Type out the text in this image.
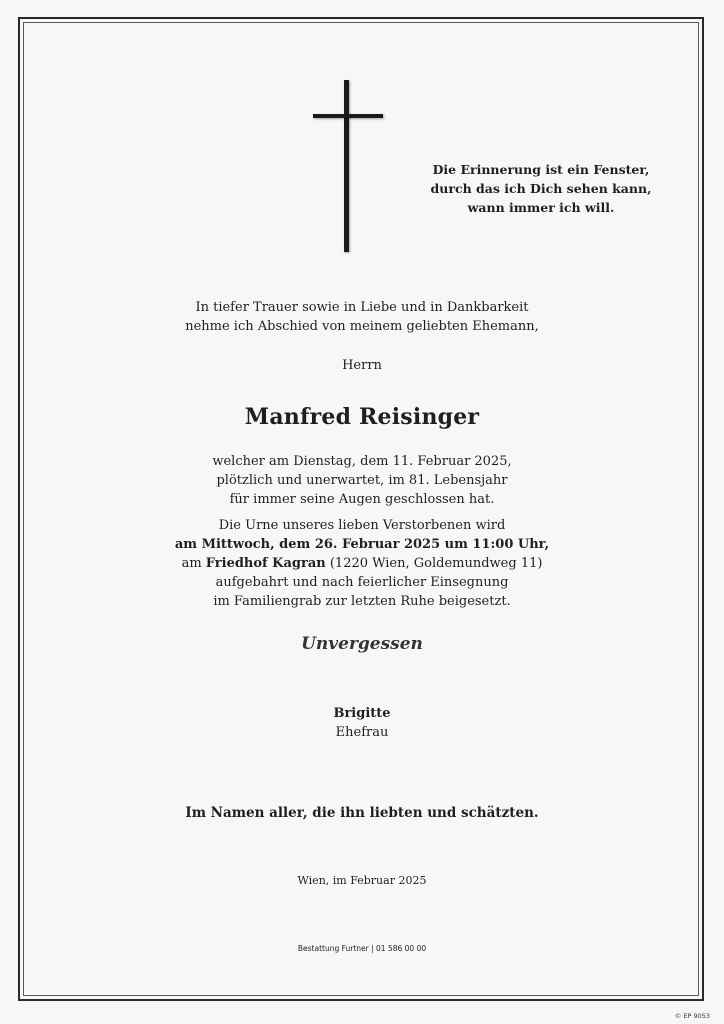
Die Erinnerung ist ein Fenster,
durch das ich Dich sehen kann,
wann immer ich will.
In tiefer Trauer sowie in Liebe und in Dankbarkeit
nehme ich Abschied von meinem geliebten Ehemann,
Herrn
Manfred Reisinger
welcher am Dienstag, dem 11. Februar 2025,
plötzlich und unerwartet, im 81. Lebensjahr
für immer seine Augen geschlossen hat.
Die Urne unseres lieben Verstorbenen wird
am Mittwoch, dem 26. Februar 2025 um 11:00 Uhr,
am Friedhof Kagran (1220 Wien, Goldemundweg 11)
aufgebahrt und nach feierlicher Einsegnung
im Familiengrab zur letzten Ruhe beigesetzt.
Unvergessen
Brigitte
Ehefrau
Im Namen aller, die ihn liebten und schätzten.
Wien, im Februar 2025
Bestattung Furtner | 01 586 00 00
© EP 9053
